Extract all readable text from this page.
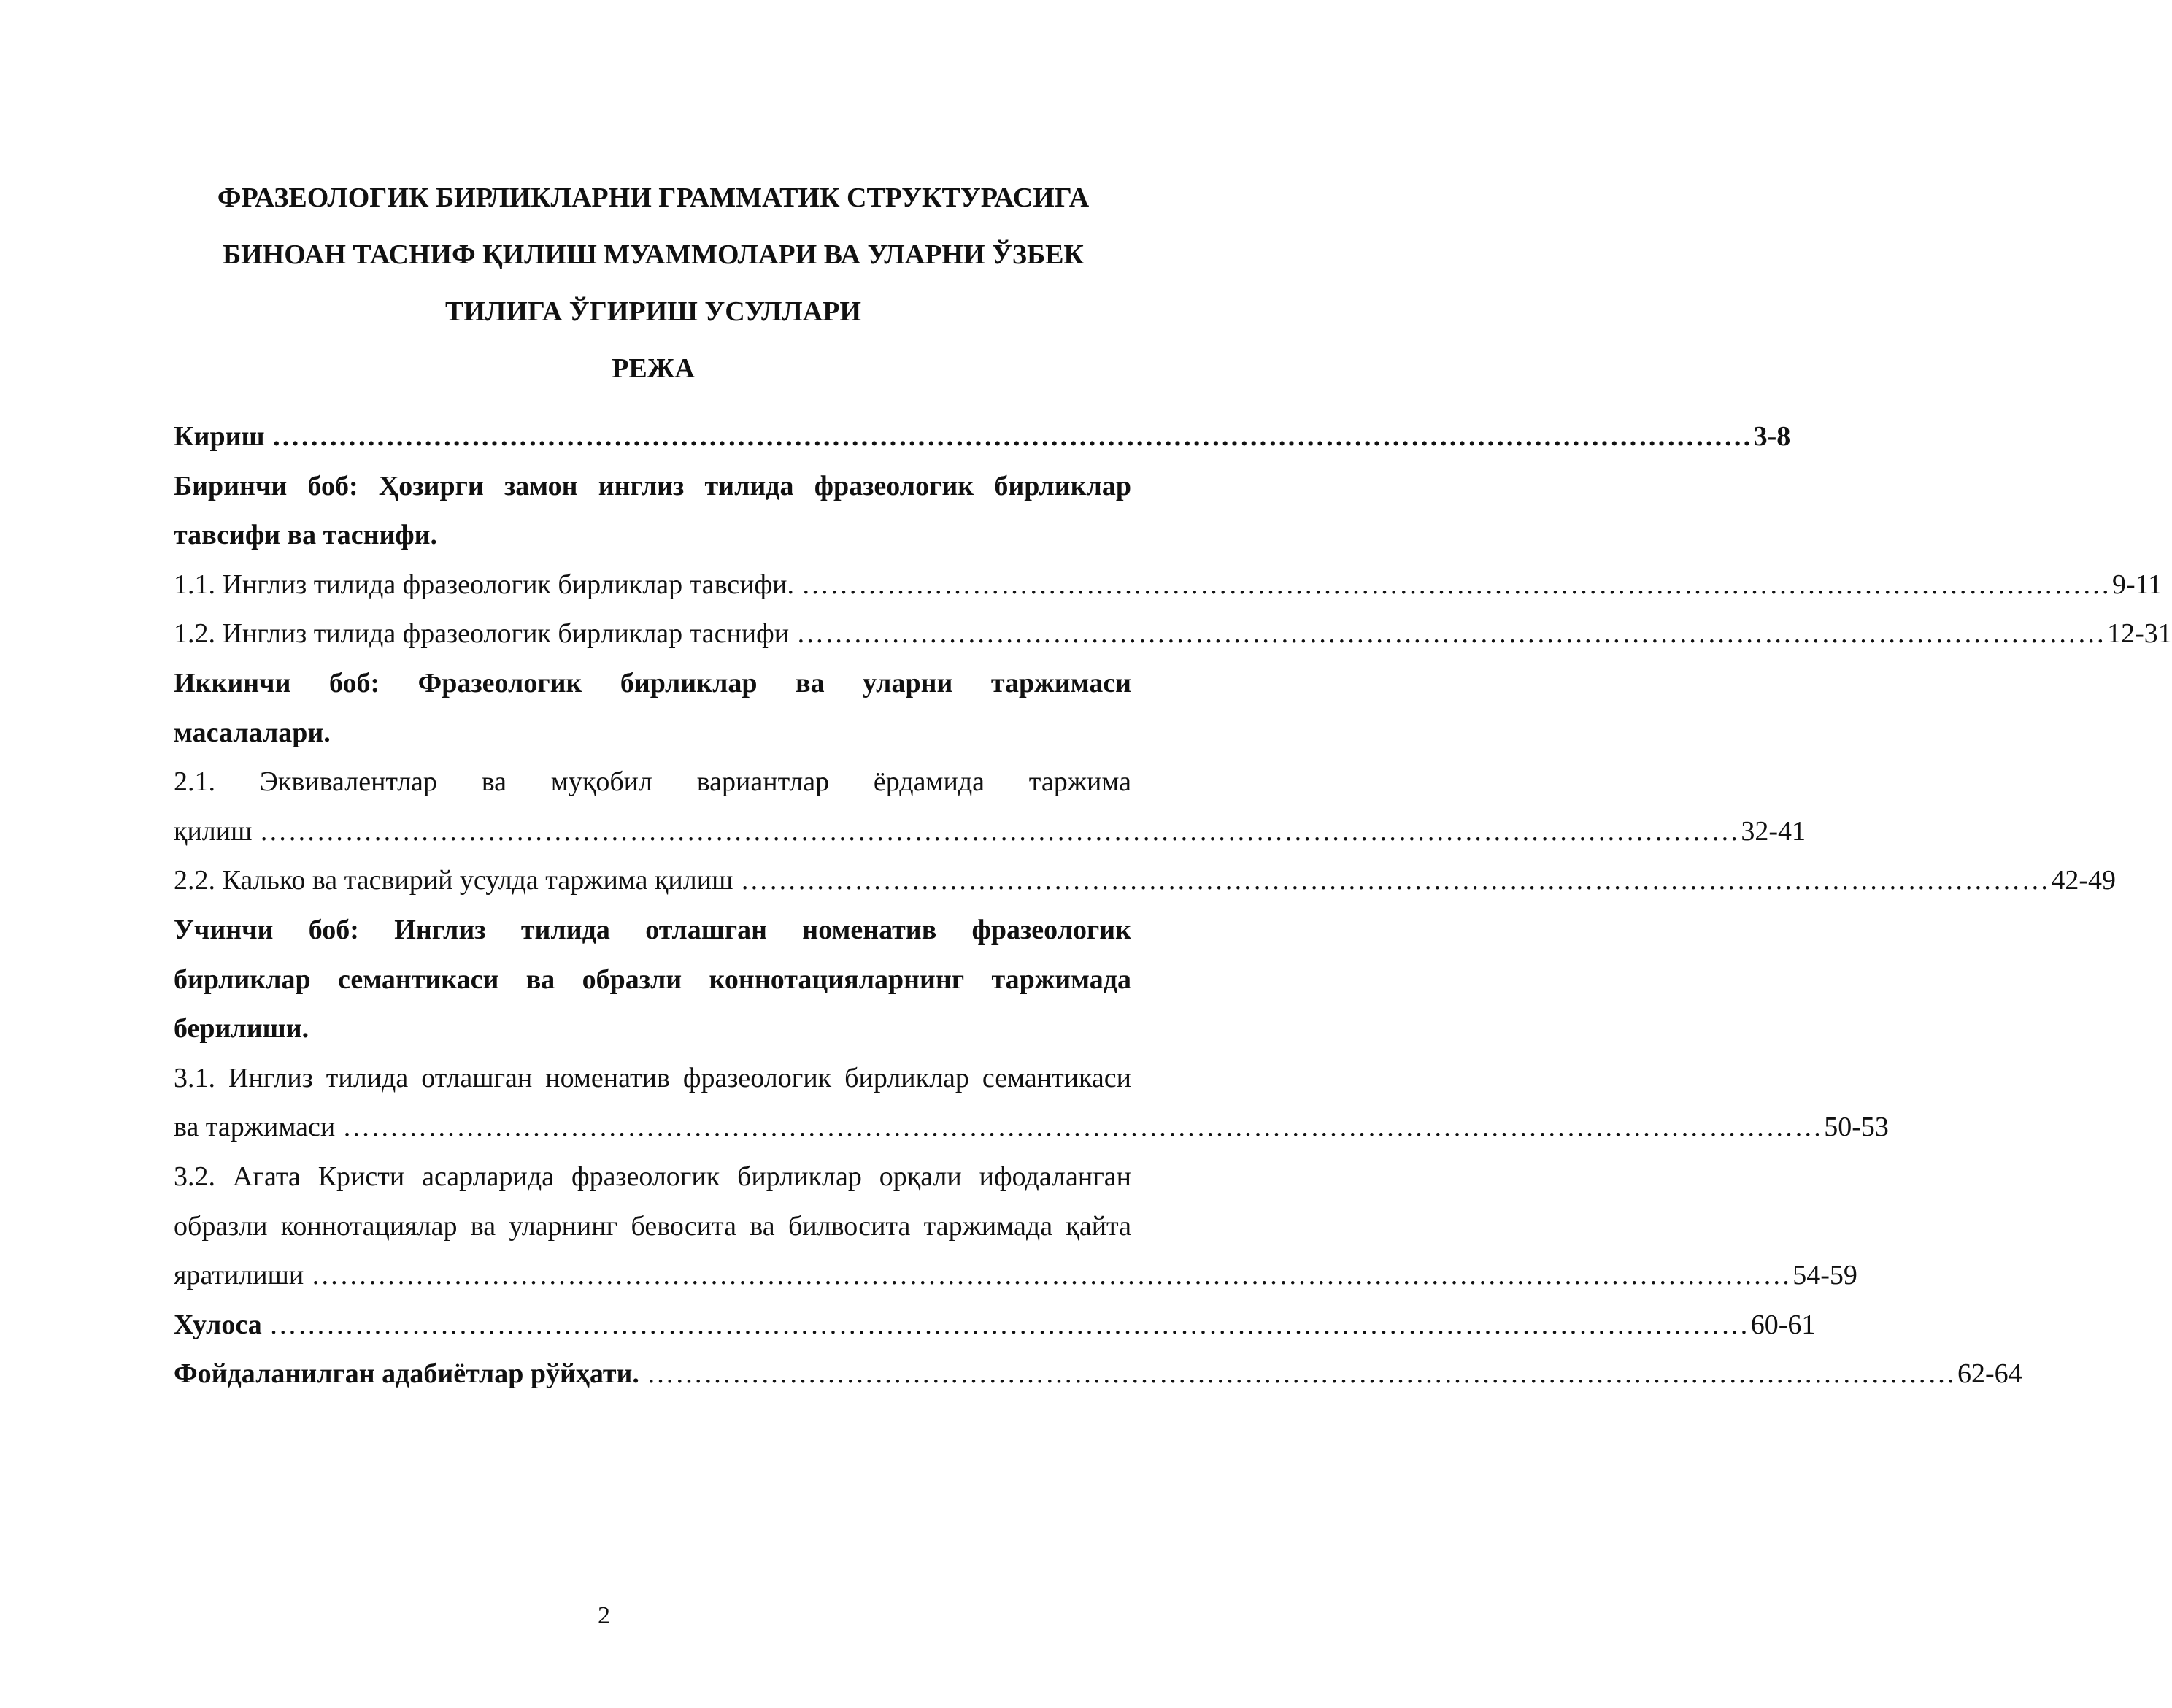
ФРАЗЕОЛОГИК БИРЛИКЛАРНИ ГРАММАТИК СТРУКТУРАСИГА
БИНОАН ТАСНИФ ҚИЛИШ МУАММОЛАРИ ВА УЛАРНИ ЎЗБЕК
ТИЛИГА ЎГИРИШ УСУЛЛАРИ
РЕЖА
Кириш ………………………………………………………………………………………………………………………………………… 3-8
Биринчи боб: Ҳозирги замон инглиз тилида фразеологик бирликлар
тавсифи ва таснифи.
1.1. Инглиз тилида фразеологик бирликлар тавсифи. ………………………………………………………………………………………………………………………… 9-11
1.2. Инглиз тилида фразеологик бирликлар таснифи ………………………………………………………………………………………………………………………… 12-31
Иккинчи боб: Фразеологик бирликлар ва уларни таржимаси
масалалари.
2.1. Эквивалентлар ва муқобил вариантлар ёрдамида таржима
қилиш ………………………………………………………………………………………………………………………………………… 32-41
2.2. Калько ва тасвирий усулда таржима қилиш ………………………………………………………………………………………………………………………… 42-49
Учинчи боб: Инглиз тилида отлашган номенатив фразеологик
бирликлар семантикаси ва образли коннотацияларнинг таржимада
берилиши.
3.1. Инглиз тилида отлашган номенатив фразеологик бирликлар семантикаси
ва таржимаси ………………………………………………………………………………………………………………………………………… 50-53
3.2. Агата Кристи асарларида фразеологик бирликлар орқали ифодаланган
образли коннотациялар ва уларнинг бевосита ва билвосита таржимада қайта
яратилиши ………………………………………………………………………………………………………………………………………… 54-59
Хулоса ………………………………………………………………………………………………………………………………………… 60-61
Фойдаланилган адабиётлар рўйҳати. ………………………………………………………………………………………………………………………… 62-64
2
